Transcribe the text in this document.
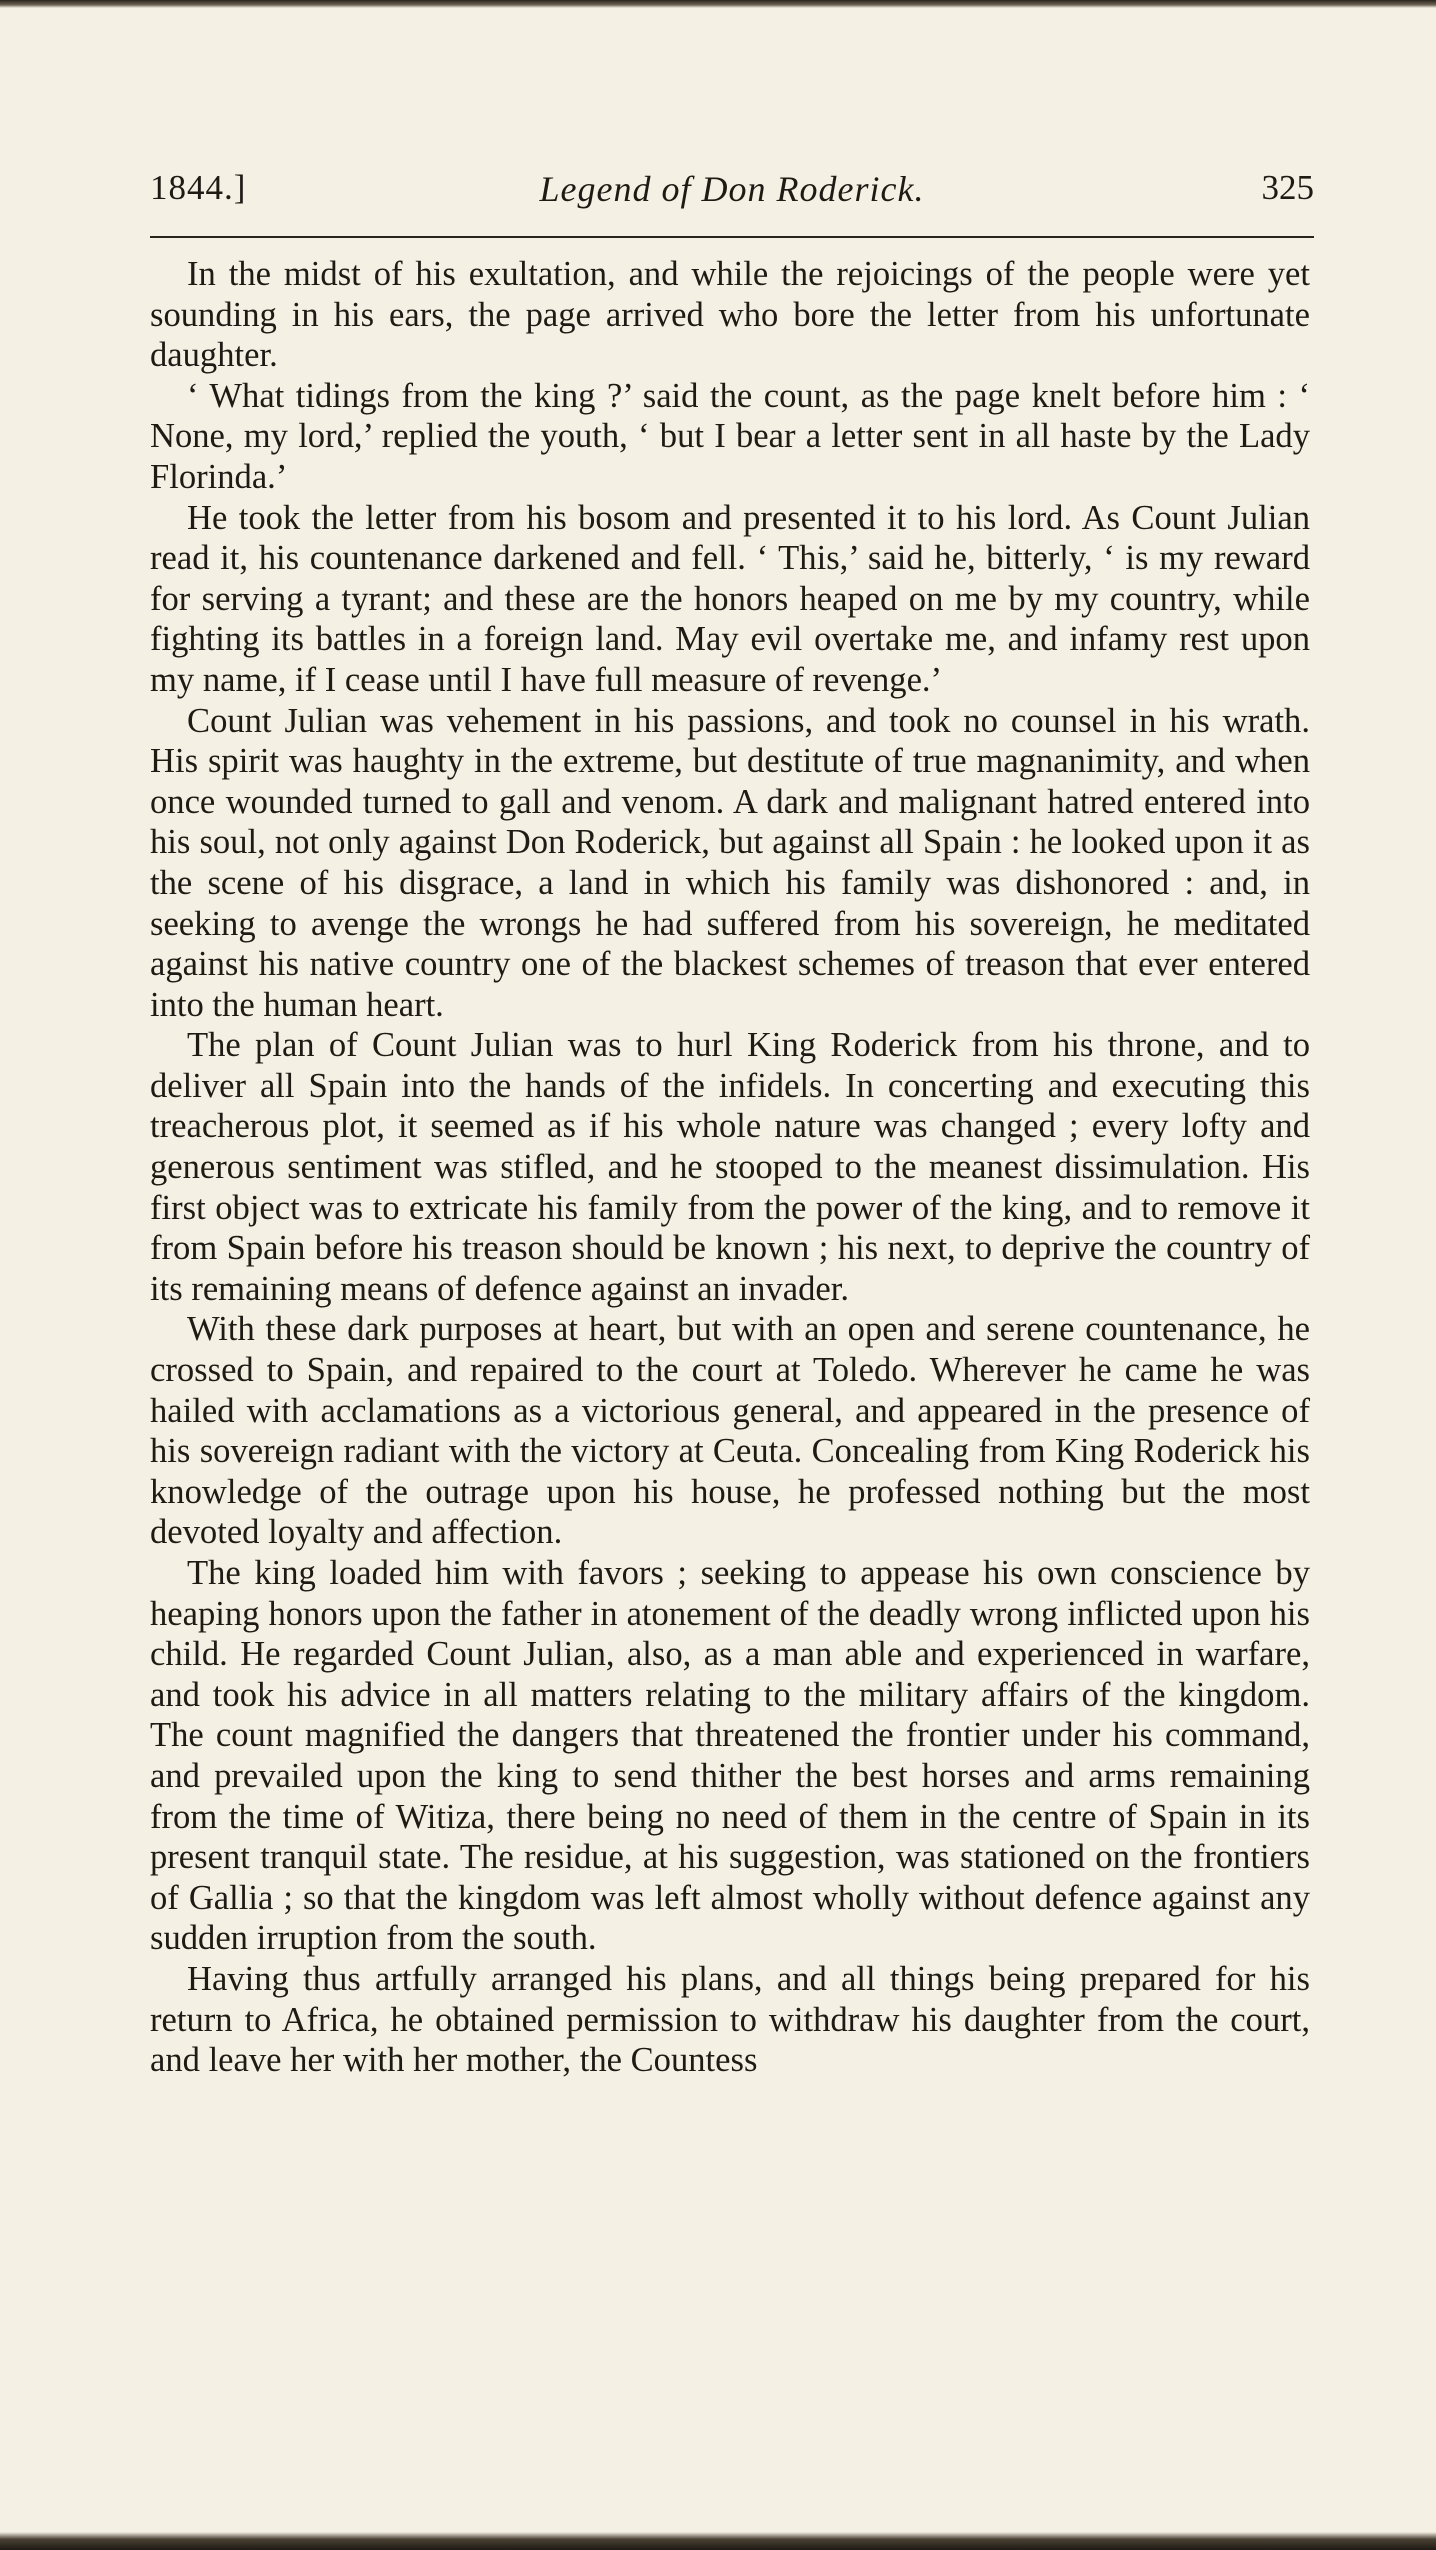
1844.]	Legend of Don Roderick.	325

In the midst of his exultation, and while the rejoicings of the people were yet sounding in his ears, the page arrived who bore the letter from his unfortunate daughter.

‘ What tidings from the king ?’ said the count, as the page knelt before him : ‘ None, my lord,’ replied the youth, ‘ but I bear a letter sent in all haste by the Lady Florinda.’

He took the letter from his bosom and presented it to his lord. As Count Julian read it, his countenance darkened and fell. ‘ This,’ said he, bitterly, ‘ is my reward for serving a tyrant; and these are the honors heaped on me by my country, while fighting its battles in a foreign land. May evil overtake me, and infamy rest upon my name, if I cease until I have full measure of revenge.’

Count Julian was vehement in his passions, and took no counsel in his wrath. His spirit was haughty in the extreme, but destitute of true magnanimity, and when once wounded turned to gall and venom. A dark and malignant hatred entered into his soul, not only against Don Roderick, but against all Spain : he looked upon it as the scene of his disgrace, a land in which his family was dishonored : and, in seeking to avenge the wrongs he had suffered from his sovereign, he meditated against his native country one of the blackest schemes of treason that ever entered into the human heart.

The plan of Count Julian was to hurl King Roderick from his throne, and to deliver all Spain into the hands of the infidels. In concerting and executing this treacherous plot, it seemed as if his whole nature was changed ; every lofty and generous sentiment was stifled, and he stooped to the meanest dissimulation. His first object was to extricate his family from the power of the king, and to remove it from Spain before his treason should be known ; his next, to deprive the country of its remaining means of defence against an invader.

With these dark purposes at heart, but with an open and serene countenance, he crossed to Spain, and repaired to the court at Toledo. Wherever he came he was hailed with acclamations as a victorious general, and appeared in the presence of his sovereign radiant with the victory at Ceuta. Concealing from King Roderick his knowledge of the outrage upon his house, he professed nothing but the most devoted loyalty and affection.

The king loaded him with favors ; seeking to appease his own conscience by heaping honors upon the father in atonement of the deadly wrong inflicted upon his child. He regarded Count Julian, also, as a man able and experienced in warfare, and took his advice in all matters relating to the military affairs of the kingdom. The count magnified the dangers that threatened the frontier under his command, and prevailed upon the king to send thither the best horses and arms remaining from the time of Witiza, there being no need of them in the centre of Spain in its present tranquil state. The residue, at his suggestion, was stationed on the frontiers of Gallia ; so that the kingdom was left almost wholly without defence against any sudden irruption from the south.

Having thus artfully arranged his plans, and all things being prepared for his return to Africa, he obtained permission to withdraw his daughter from the court, and leave her with her mother, the Countess
